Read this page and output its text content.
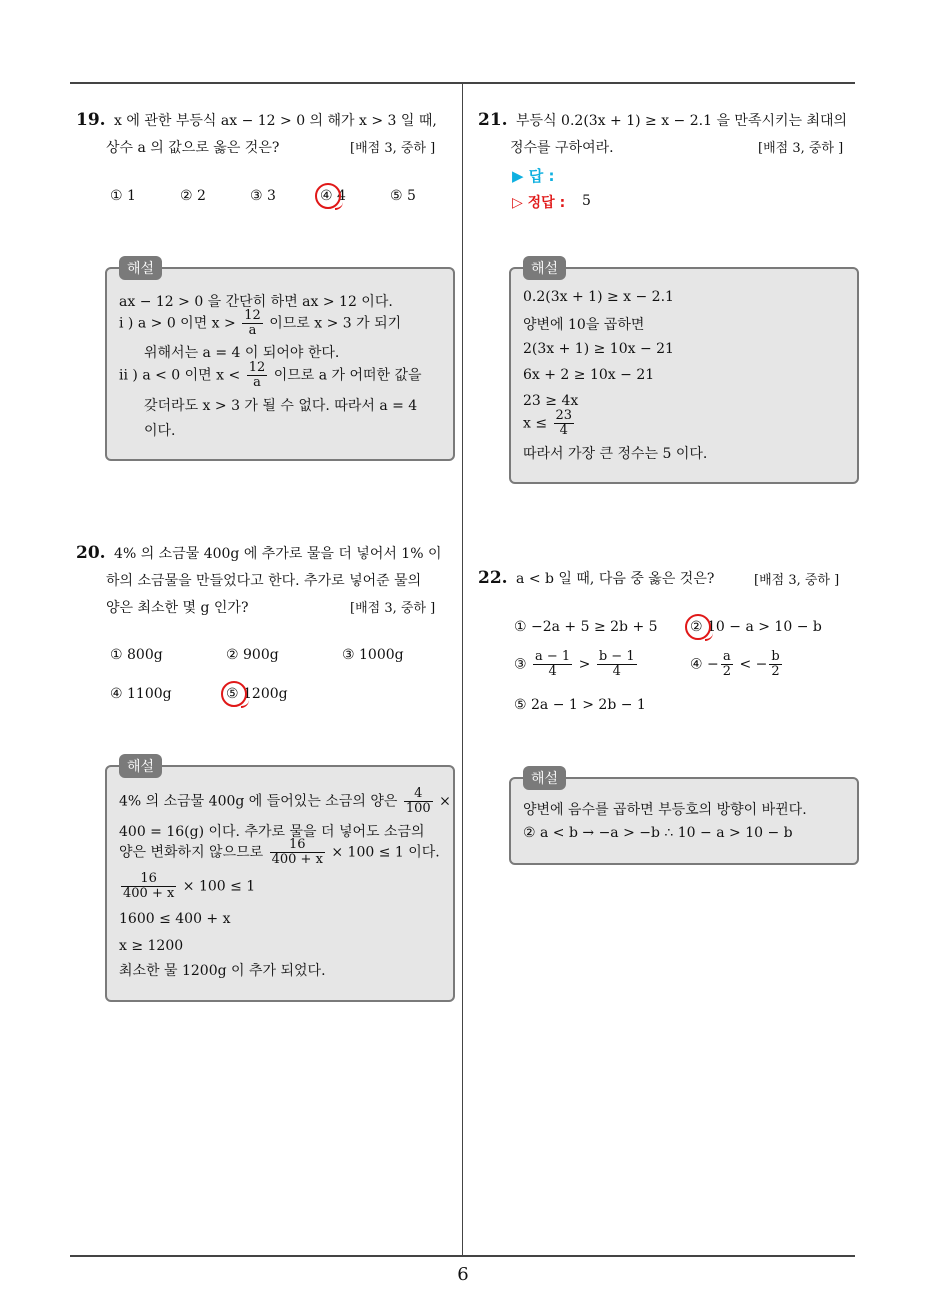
19. x 에 관한 부등식 ax − 12 > 0 의 해가 x > 3 일 때,
상수 a 의 값으로 옳은 것은?	[배점 3, 중하 ]
① 1	② 2	③ 3	④ 4	⑤ 5
해설
ax − 12 > 0 을 간단히 하면 ax > 12 이다.
i ) a > 0 이면 $x > \frac{12}{a}$ 이므로 x > 3 가 되기
위해서는 a = 4 이 되어야 한다.
ii ) a < 0 이면 $x < \frac{12}{a}$ 이므로 a 가 어떠한 값을
갖더라도 x > 3 가 될 수 없다. 따라서 a = 4
이다.
20. 4% 의 소금물 400g 에 추가로 물을 더 넣어서 1% 이
하의 소금물을 만들었다고 한다. 추가로 넣어준 물의
양은 최소한 몇 g 인가?	[배점 3, 중하 ]
① 800g	② 900g	③ 1000g
④ 1100g	⑤ 1200g
해설
4% 의 소금물 400g 에 들어있는 소금의 양은 $\frac{4}{100}$ ×
400 = 16(g) 이다. 추가로 물을 더 넣어도 소금의
양은 변화하지 않으므로 $\frac{16}{400 + x} \times 100 \le 1$ 이다.
$\frac{16}{400 + x} \times 100 \le 1$
1600 ≤ 400 + x
x ≥ 1200
최소한 물 1200g 이 추가 되었다.
21. 부등식 0.2(3x + 1) ≥ x − 2.1 을 만족시키는 최대의
정수를 구하여라.	[배점 3, 중하 ]
▶ 답 :
▷ 정답 : 5
해설
0.2(3x + 1) ≥ x − 2.1
양변에 10을 곱하면
2(3x + 1) ≥ 10x − 21
6x + 2 ≥ 10x − 21
23 ≥ 4x
$x \le \frac{23}{4}$
따라서 가장 큰 정수는 5 이다.
22. a < b 일 때, 다음 중 옳은 것은?	[배점 3, 중하 ]
① −2a + 5 ≥ 2b + 5 ② 10 − a > 10 − b
③ $\frac{a - 1}{4} > \frac{b - 1}{4}$	④ − $\frac{a}{2}$ < − $\frac{b}{2}$
⑤ 2a − 1 > 2b − 1
해설
양변에 음수를 곱하면 부등호의 방향이 바뀐다.
② a < b → −a > −b ∴ 10 − a > 10 − b
6
